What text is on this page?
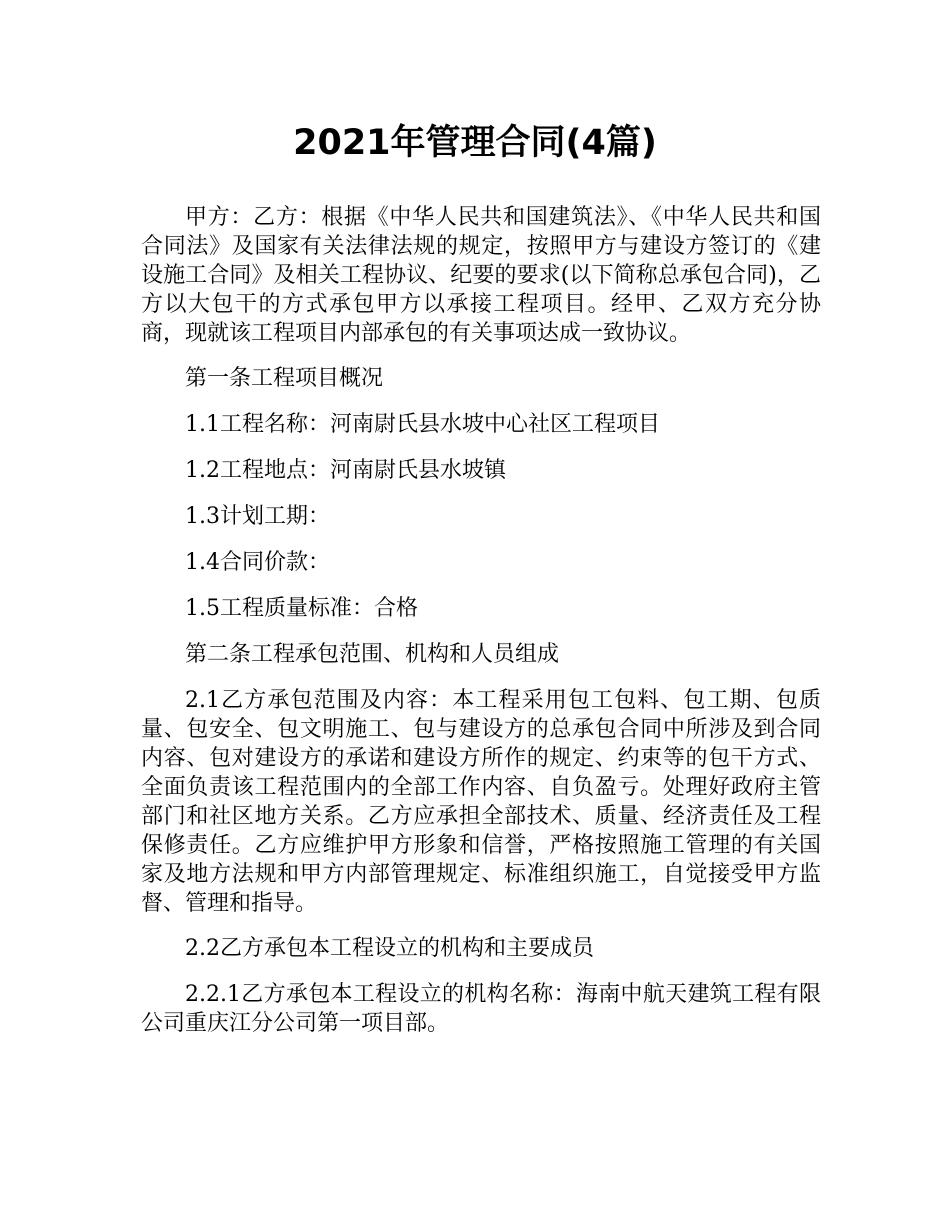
2021年管理合同(4篇)

甲方：乙方：根据《中华人民共和国建筑法》、《中华人民共和国合同法》及国家有关法律法规的规定，按照甲方与建设方签订的《建设施工合同》及相关工程协议、纪要的要求(以下简称总承包合同)，乙方以大包干的方式承包甲方以承接工程项目。经甲、乙双方充分协商，现就该工程项目内部承包的有关事项达成一致协议。

第一条工程项目概况

1.1工程名称：河南尉氏县水坡中心社区工程项目

1.2工程地点：河南尉氏县水坡镇

1.3计划工期：

1.4合同价款：

1.5工程质量标准：合格

第二条工程承包范围、机构和人员组成

2.1乙方承包范围及内容：本工程采用包工包料、包工期、包质量、包安全、包文明施工、包与建设方的总承包合同中所涉及到合同内容、包对建设方的承诺和建设方所作的规定、约束等的包干方式、全面负责该工程范围内的全部工作内容、自负盈亏。处理好政府主管部门和社区地方关系。乙方应承担全部技术、质量、经济责任及工程保修责任。乙方应维护甲方形象和信誉，严格按照施工管理的有关国家及地方法规和甲方内部管理规定、标准组织施工，自觉接受甲方监督、管理和指导。

2.2乙方承包本工程设立的机构和主要成员

2.2.1乙方承包本工程设立的机构名称：海南中航天建筑工程有限公司重庆江分公司第一项目部。
